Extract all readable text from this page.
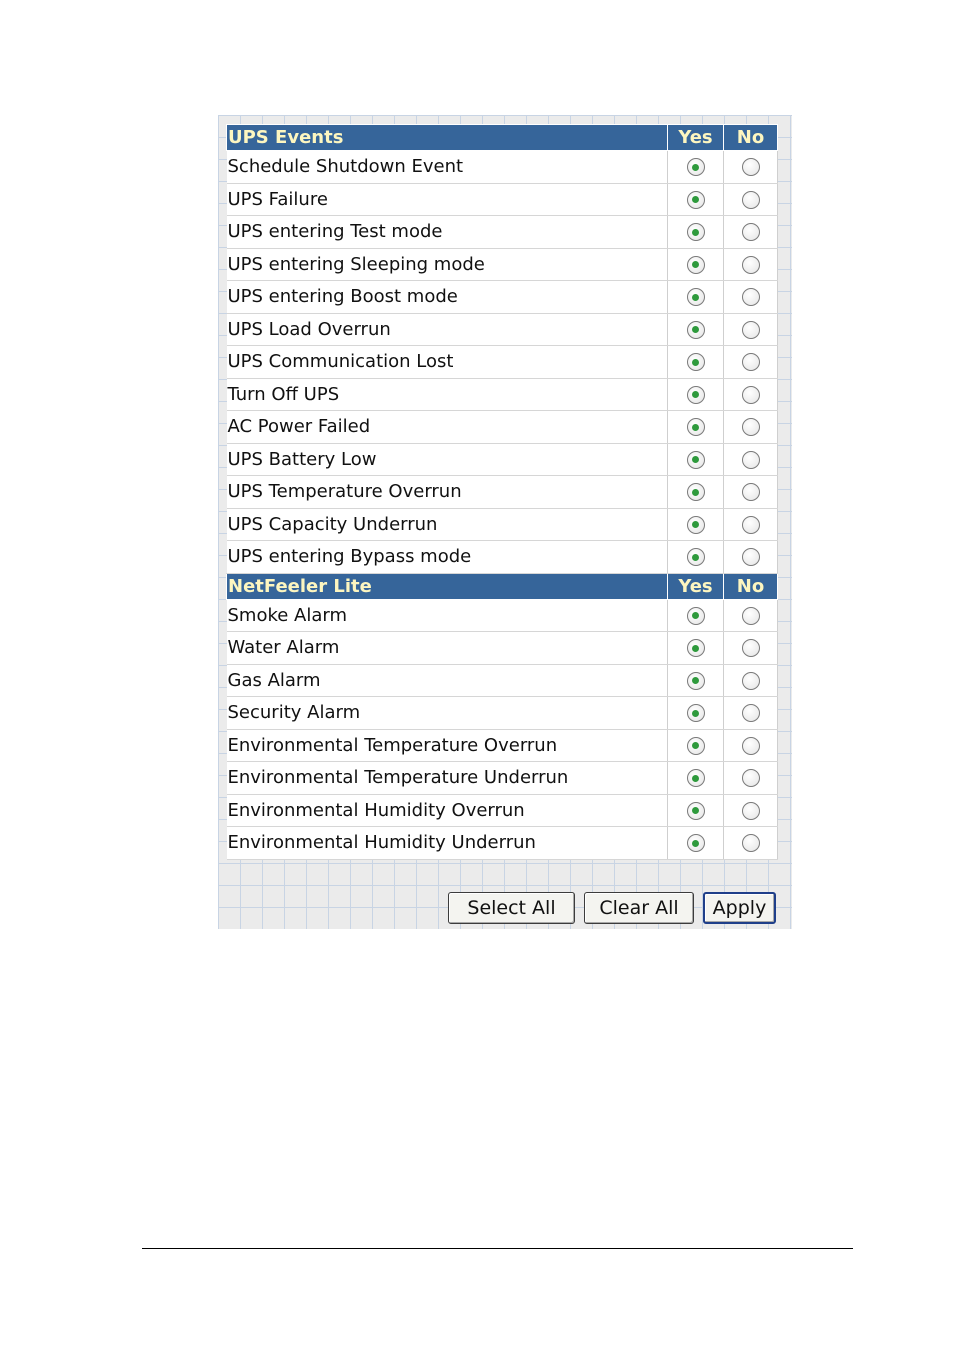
UPS Events	Yes	No
Schedule Shutdown Event		
UPS Failure		
UPS entering Test mode		
UPS entering Sleeping mode		
UPS entering Boost mode		
UPS Load Overrun		
UPS Communication Lost		
Turn Off UPS		
AC Power Failed		
UPS Battery Low		
UPS Temperature Overrun		
UPS Capacity Underrun		
UPS entering Bypass mode		
NetFeeler Lite	Yes	No
Smoke Alarm		
Water Alarm		
Gas Alarm		
Security Alarm		
Environmental Temperature Overrun		
Environmental Temperature Underrun		
Environmental Humidity Overrun		
Environmental Humidity Underrun		
Select All	Clear All	Apply
